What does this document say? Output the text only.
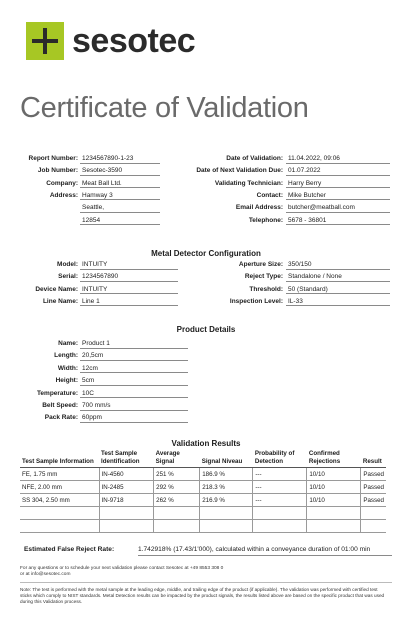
sesotec
Certificate of Validation
Report Number: 1234567890-1-23
Job Number: Sesotec-3590
Company: Meat Ball Ltd.
Address: Hamway 3
Seattle,
12854
Date of Validation: 11.04.2022, 09:06
Date of Next Validation Due: 01.07.2022
Validating Technician: Harry Berry
Contact: Mike Butcher
Email Address: butcher@meatball.com
Telephone: 5678 - 36801
Metal Detector Configuration
Model: INTUITY
Serial: 1234567890
Device Name: INTUITY
Line Name: Line 1
Aperture Size: 350/150
Reject Type: Standalone / None
Threshold: 50 (Standard)
Inspection Level: IL-33
Product Details
Name: Product 1
Length: 20,5cm
Width: 12cm
Height: 5cm
Temperature: 10C
Belt Speed: 700 mm/s
Pack Rate: 60ppm
Validation Results
Test Sample Information	Test Sample Identification	Average Signal	Signal Niveau	Probability of Detection	Confirmed Rejections	Result
FE, 1.75 mm	IN-4560	251 %	186.9 %	---	10/10	Passed
NFE, 2.00 mm	IN-2485	292 %	218.3 %	---	10/10	Passed
SS 304, 2.50 mm	IN-9718	262 %	216.9 %	---	10/10	Passed

Estimated False Reject Rate:	1.742918% (17.43/1'000), calculated within a conveyance duration of 01:00 min
For any questions or to schedule your next validation please contact Sesotec at +49 8553 308 0
or at info@sesotec.com
Note: The test is performed with the metal sample at the leading edge, middle, and trailing edge of the product (if applicable). The validation was performed with certified test sticks which comply to NIST standards. Metal Detection results can be impacted by the product signals, the results listed above are based on the specific product that was used during this Validation process.
